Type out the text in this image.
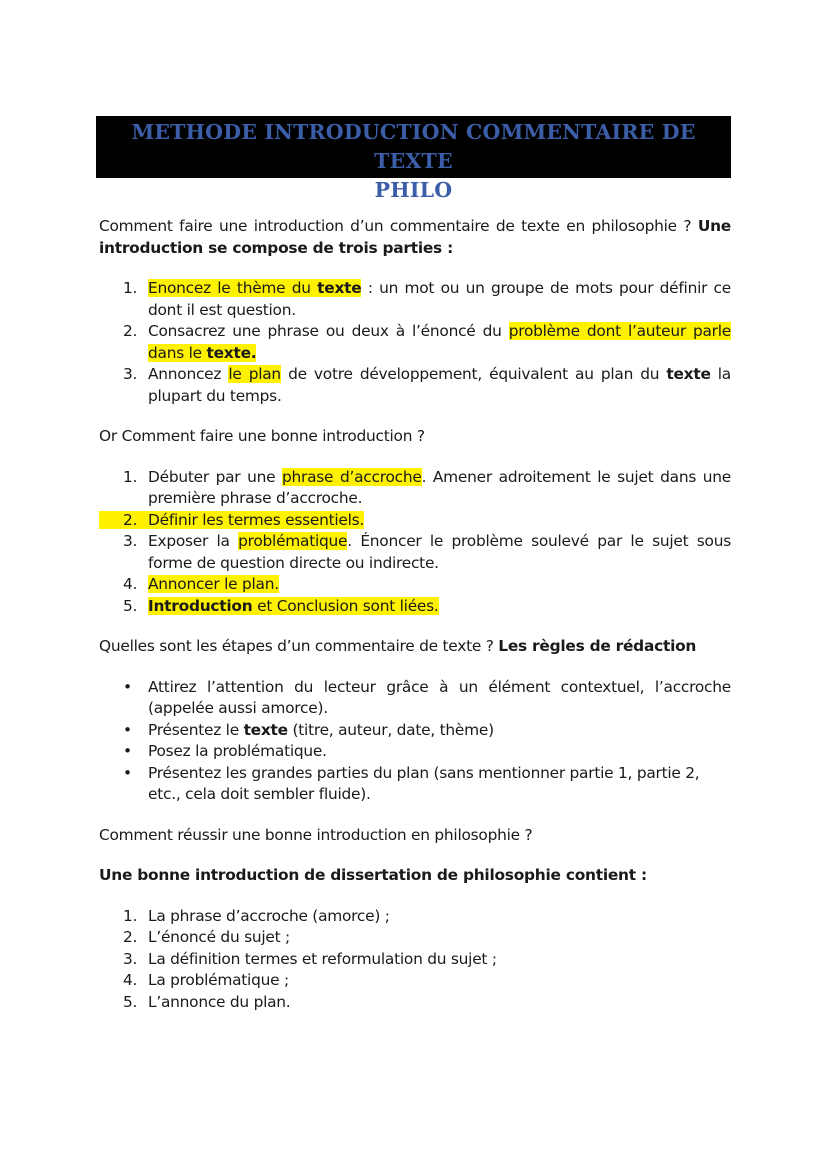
METHODE INTRODUCTION COMMENTAIRE DE TEXTE
PHILO

Comment faire une introduction d’un commentaire de texte en philosophie ? Une introduction se compose de trois parties :

1. Enoncez le thème du texte : un mot ou un groupe de mots pour définir ce dont il est question.
2. Consacrez une phrase ou deux à l’énoncé du problème dont l’auteur parle dans le texte.
3. Annoncez le plan de votre développement, équivalent au plan du texte la plupart du temps.

Or Comment faire une bonne introduction ?

1. Débuter par une phrase d’accroche. Amener adroitement le sujet dans une première phrase d’accroche.
2. Définir les termes essentiels.
3. Exposer la problématique. Énoncer le problème soulevé par le sujet sous forme de question directe ou indirecte.
4. Annoncer le plan.
5. Introduction et Conclusion sont liées.

Quelles sont les étapes d’un commentaire de texte ? Les règles de rédaction

• Attirez l’attention du lecteur grâce à un élément contextuel, l’accroche (appelée aussi amorce).
• Présentez le texte (titre, auteur, date, thème)
• Posez la problématique.
• Présentez les grandes parties du plan (sans mentionner partie 1, partie 2, etc., cela doit sembler fluide).

Comment réussir une bonne introduction en philosophie ?

Une bonne introduction de dissertation de philosophie contient :

1. La phrase d’accroche (amorce) ;
2. L’énoncé du sujet ;
3. La définition termes et reformulation du sujet ;
4. La problématique ;
5. L’annonce du plan.
